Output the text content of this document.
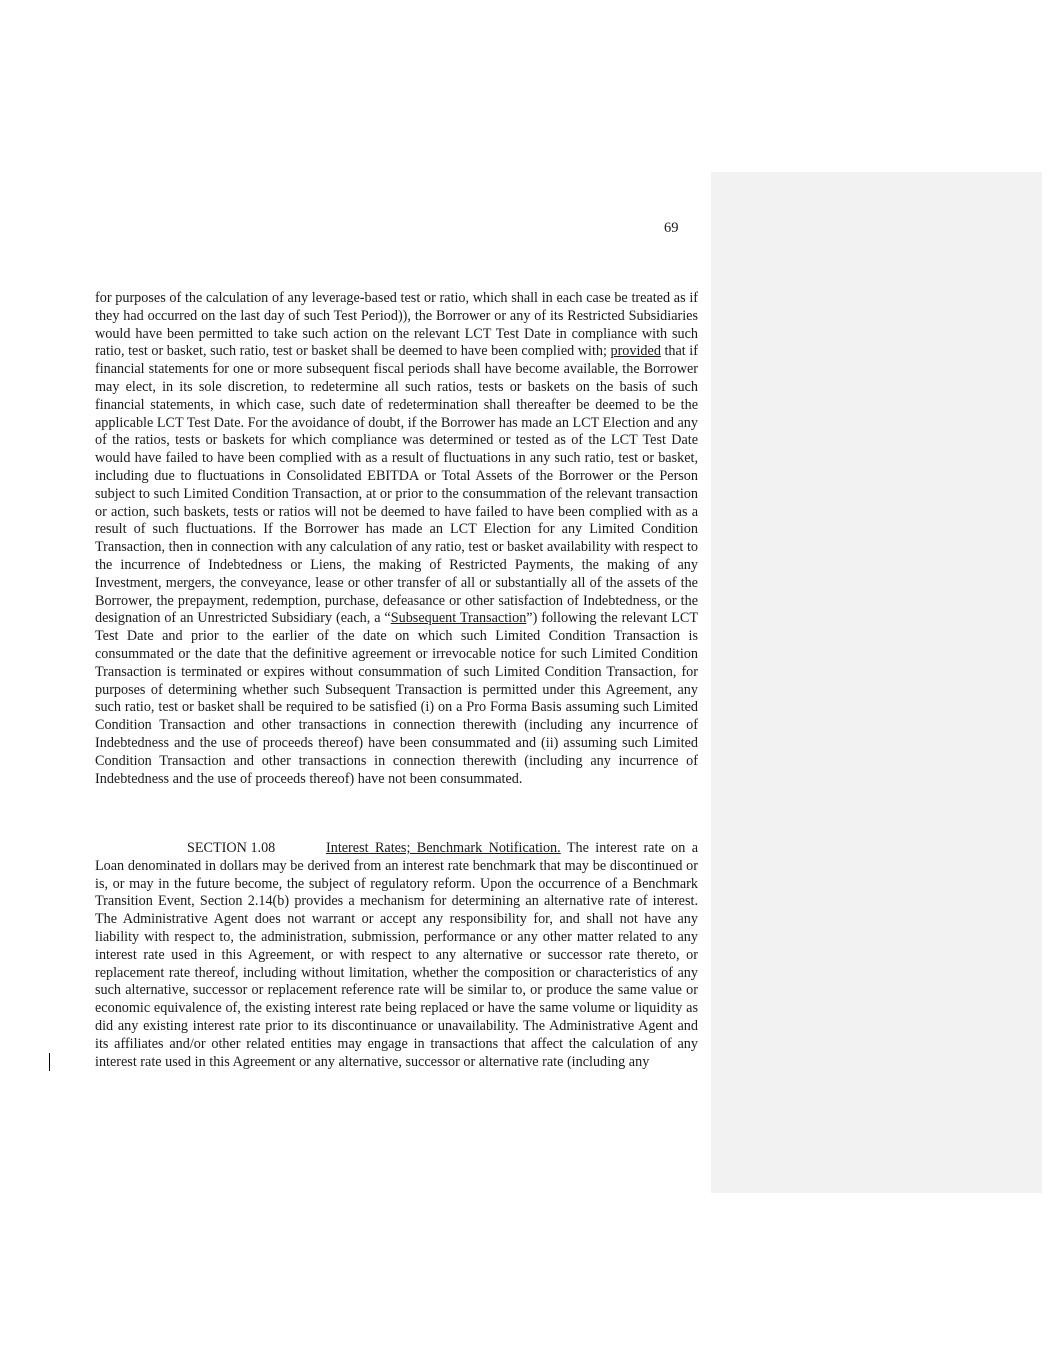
69

for purposes of the calculation of any leverage-based test or ratio, which shall in each case be treated as if they had occurred on the last day of such Test Period)), the Borrower or any of its Restricted Subsidiaries would have been permitted to take such action on the relevant LCT Test Date in compliance with such ratio, test or basket, such ratio, test or basket shall be deemed to have been complied with; provided that if financial statements for one or more subsequent fiscal periods shall have become available, the Borrower may elect, in its sole discretion, to redetermine all such ratios, tests or baskets on the basis of such financial statements, in which case, such date of redetermination shall thereafter be deemed to be the applicable LCT Test Date. For the avoidance of doubt, if the Borrower has made an LCT Election and any of the ratios, tests or baskets for which compliance was determined or tested as of the LCT Test Date would have failed to have been complied with as a result of fluctuations in any such ratio, test or basket, including due to fluctuations in Consolidated EBITDA or Total Assets of the Borrower or the Person subject to such Limited Condition Transaction, at or prior to the consummation of the relevant transaction or action, such baskets, tests or ratios will not be deemed to have failed to have been complied with as a result of such fluctuations. If the Borrower has made an LCT Election for any Limited Condition Transaction, then in connection with any calculation of any ratio, test or basket availability with respect to the incurrence of Indebtedness or Liens, the making of Restricted Payments, the making of any Investment, mergers, the conveyance, lease or other transfer of all or substantially all of the assets of the Borrower, the prepayment, redemption, purchase, defeasance or other satisfaction of Indebtedness, or the designation of an Unrestricted Subsidiary (each, a “Subsequent Transaction”) following the relevant LCT Test Date and prior to the earlier of the date on which such Limited Condition Transaction is consummated or the date that the definitive agreement or irrevocable notice for such Limited Condition Transaction is terminated or expires without consummation of such Limited Condition Transaction, for purposes of determining whether such Subsequent Transaction is permitted under this Agreement, any such ratio, test or basket shall be required to be satisfied (i) on a Pro Forma Basis assuming such Limited Condition Transaction and other transactions in connection therewith (including any incurrence of Indebtedness and the use of proceeds thereof) have been consummated and (ii) assuming such Limited Condition Transaction and other transactions in connection therewith (including any incurrence of Indebtedness and the use of proceeds thereof) have not been consummated.

SECTION 1.08	Interest Rates; Benchmark Notification. The interest rate on a Loan denominated in dollars may be derived from an interest rate benchmark that may be discontinued or is, or may in the future become, the subject of regulatory reform. Upon the occurrence of a Benchmark Transition Event, Section 2.14(b) provides a mechanism for determining an alternative rate of interest. The Administrative Agent does not warrant or accept any responsibility for, and shall not have any liability with respect to, the administration, submission, performance or any other matter related to any interest rate used in this Agreement, or with respect to any alternative or successor rate thereto, or replacement rate thereof, including without limitation, whether the composition or characteristics of any such alternative, successor or replacement reference rate will be similar to, or produce the same value or economic equivalence of, the existing interest rate being replaced or have the same volume or liquidity as did any existing interest rate prior to its discontinuance or unavailability. The Administrative Agent and its affiliates and/or other related entities may engage in transactions that affect the calculation of any interest rate used in this Agreement or any alternative, successor or alternative rate (including any
